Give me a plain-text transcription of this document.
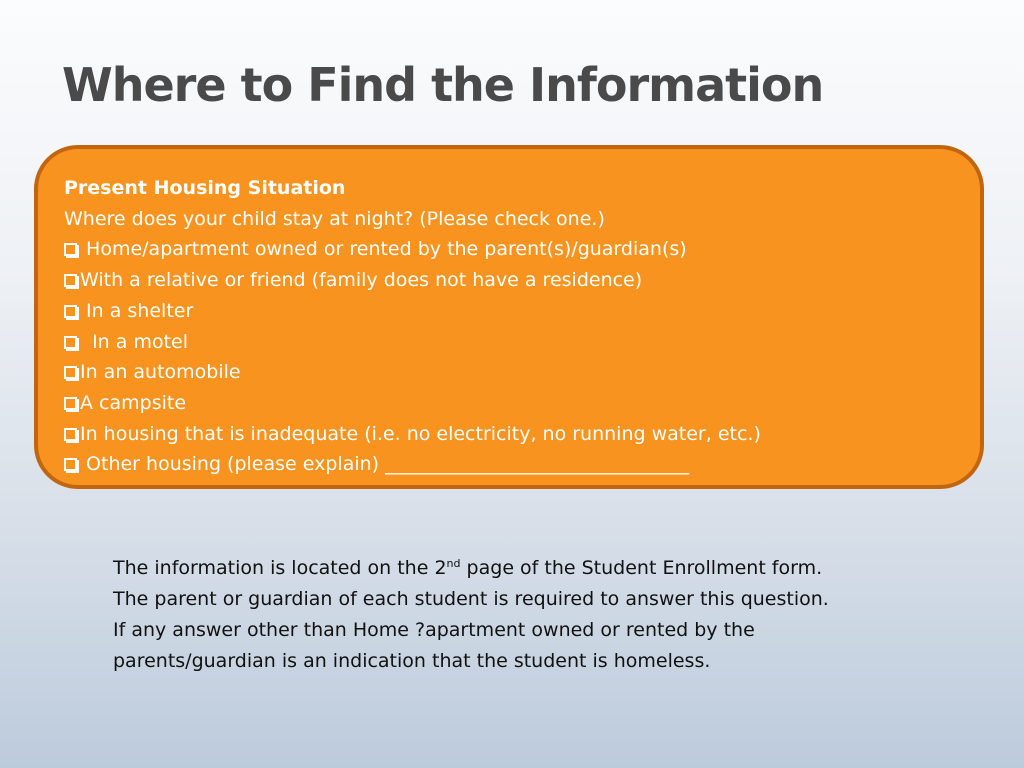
Where to Find the Information

Present Housing Situation

Where does your child stay at night? (Please check one.)

Home/apartment owned or rented by the parent(s)/guardian(s)

With a relative or friend (family does not have a residence)

In a shelter

In a motel

In an automobile

A campsite

In housing that is inadequate (i.e. no electricity, no running water, etc.)

Other housing (please explain) ________________________________

The information is located on the 2nd page of the Student Enrollment form.

The parent or guardian of each student is required to answer this question.

If any answer other than Home ?apartment owned or rented by the

parents/guardian is an indication that the student is homeless.
